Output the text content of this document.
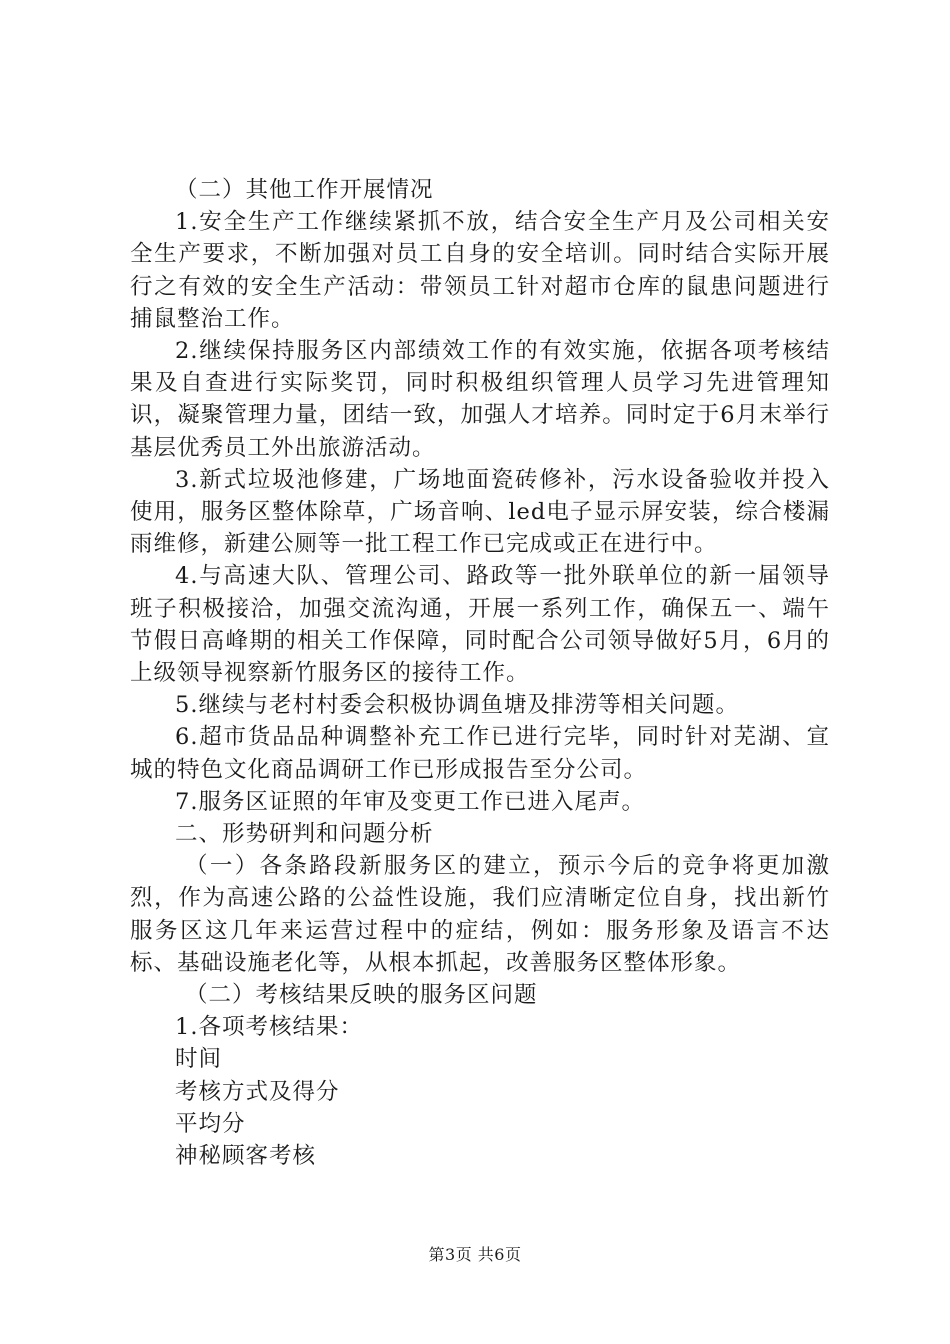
（二）其他工作开展情况

1.安全生产工作继续紧抓不放，结合安全生产月及公司相关安全生产要求，不断加强对员工自身的安全培训。同时结合实际开展行之有效的安全生产活动：带领员工针对超市仓库的鼠患问题进行捕鼠整治工作。

2.继续保持服务区内部绩效工作的有效实施，依据各项考核结果及自查进行实际奖罚，同时积极组织管理人员学习先进管理知识，凝聚管理力量，团结一致，加强人才培养。同时定于6月末举行基层优秀员工外出旅游活动。

3.新式垃圾池修建，广场地面瓷砖修补，污水设备验收并投入使用，服务区整体除草，广场音响、led电子显示屏安装，综合楼漏雨维修，新建公厕等一批工程工作已完成或正在进行中。

4.与高速大队、管理公司、路政等一批外联单位的新一届领导班子积极接洽，加强交流沟通，开展一系列工作，确保五一、端午节假日高峰期的相关工作保障，同时配合公司领导做好5月，6月的上级领导视察新竹服务区的接待工作。

5.继续与老村村委会积极协调鱼塘及排涝等相关问题。

6.超市货品品种调整补充工作已进行完毕，同时针对芜湖、宣城的特色文化商品调研工作已形成报告至分公司。

7.服务区证照的年审及变更工作已进入尾声。

二、形势研判和问题分析

（一）各条路段新服务区的建立，预示今后的竞争将更加激烈，作为高速公路的公益性设施，我们应清晰定位自身，找出新竹服务区这几年来运营过程中的症结，例如：服务形象及语言不达标、基础设施老化等，从根本抓起，改善服务区整体形象。

（二）考核结果反映的服务区问题

1.各项考核结果：

时间

考核方式及得分

平均分

神秘顾客考核

第3页 共6页
